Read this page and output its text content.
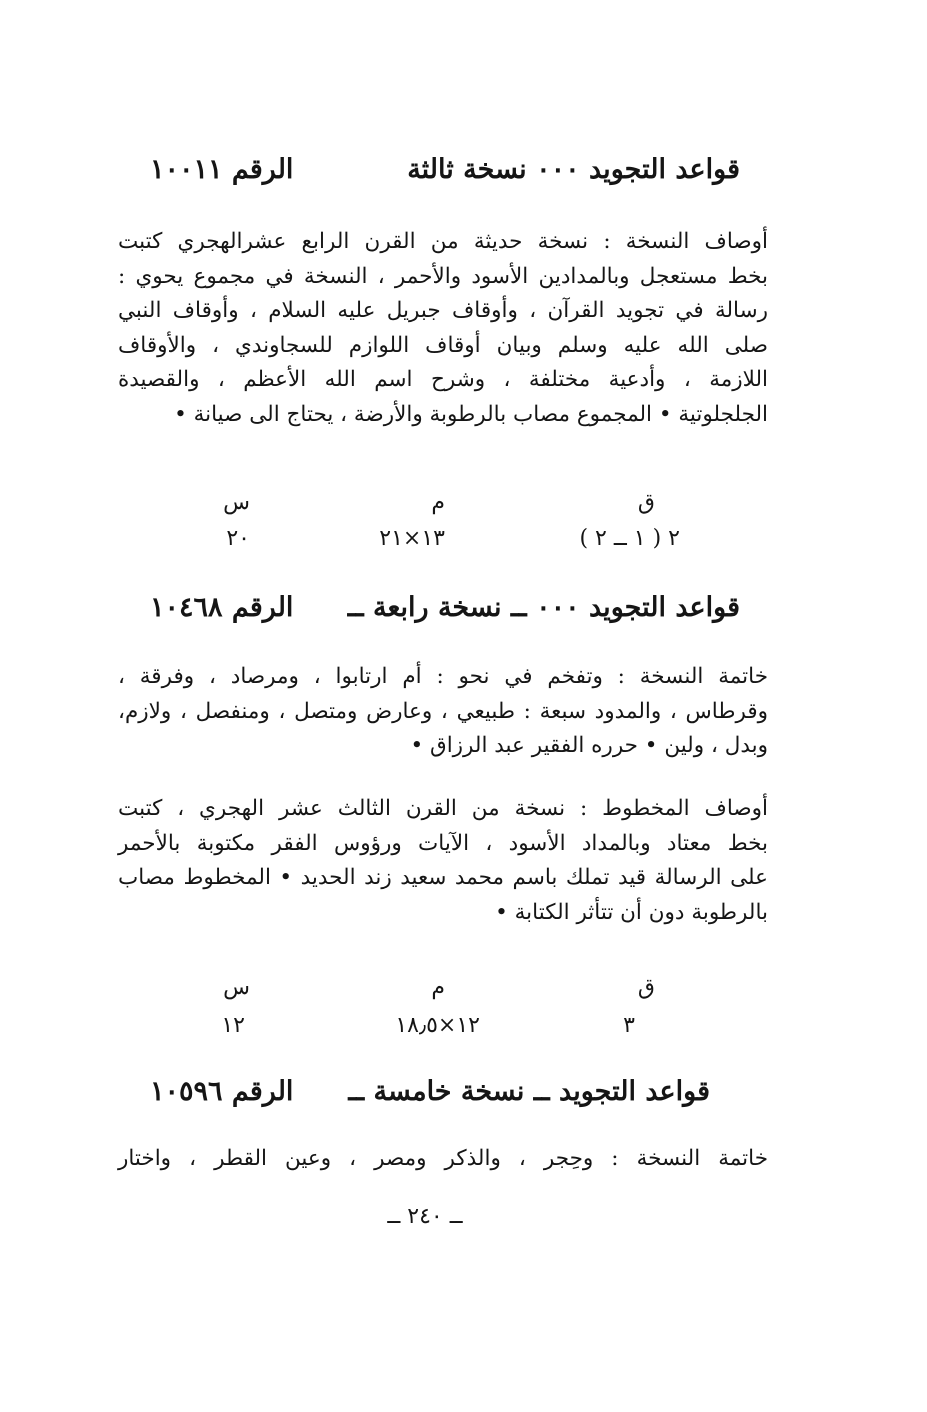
قواعد التجويد ٠٠٠ نسخة ثالثة
الرقم ١٠٠١١
أوصاف النسخة : نسخة حديثة من القرن الرابع عشرالهجري كتبت
بخط مستعجل وبالمدادين الأسود والأحمر ، النسخة في مجموع يحوي :
رسالة في تجويد القرآن ، وأوقاف جبريل عليه السلام ، وأوقاف النبي
صلى الله عليه وسلم وبيان أوقاف اللوازم للسجاوندي ، والأوقاف
اللازمة ، وأدعية مختلفة ، وشرح اسم الله الأعظم ، والقصيدة
الجلجلوتية • المجموع مصاب بالرطوبة والأرضة ، يحتاج الى صيانة •
ق
٢ ( ١ ــ ٢ )
م
١٣×٢١
س
٢٠
قواعد التجويد ٠٠٠ ــ نسخة رابعة ــ
الرقم ١٠٤٦٨
خاتمة النسخة : وتفخم في نحو : أم ارتابوا ، ومرصاد ، وفرقة ،
وقرطاس ، والمدود سبعة : طبيعي ، وعارض ومتصل ، ومنفصل ، ولازم،
وبدل ، ولين • حرره الفقير عبد الرزاق •
أوصاف المخطوط : نسخة من القرن الثالث عشر الهجري ، كتبت
بخط معتاد وبالمداد الأسود ، الآيات ورؤوس الفقر مكتوبة بالأحمر
على الرسالة قيد تملك باسم محمد سعيد زند الحديد • المخطوط مصاب
بالرطوبة دون أن تتأثر الكتابة •
ق
٣
م
١٢×١٨٫٥
س
١٢
قواعد التجويد ــ نسخة خامسة ــ
الرقم ١٠٥٩٦
خاتمة النسخة : وحِجر ، والذكر ومصر ، وعين القطر ، واختار
ــ ٢٤٠ ــ
